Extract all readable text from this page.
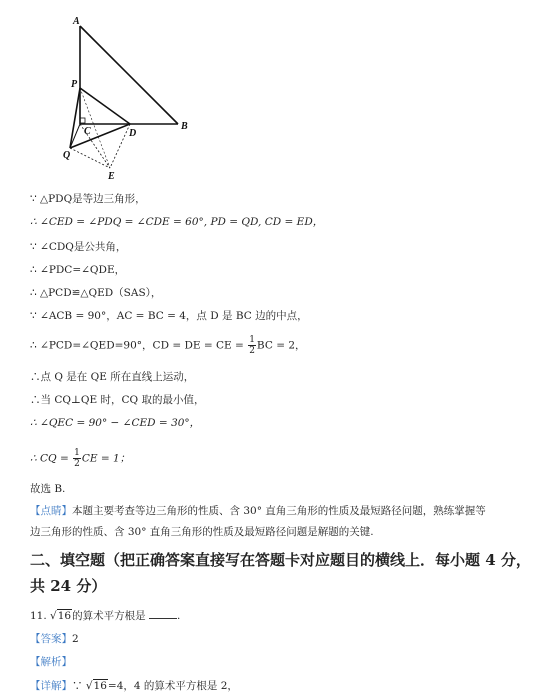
A
P
C	D
B
Q
E
∵ △PDQ是等边三角形，
∴ ∠CED = ∠PDQ = ∠CDE = 60°, PD = QD, CD = ED，
∵ ∠CDQ是公共角，
∴ ∠PDC=∠QDE，
∴ △PCD≌△QED（SAS），
∵ ∠ACB = 90°，AC = BC = 4，点 D 是 BC 边的中点，
∴ ∠PCD=∠QED=90°，CD = DE = CE = $\frac{1}{2}$ BC = 2，
∴点 Q 是在 QE 所在直线上运动，
∴当 CQ⊥QE 时，CQ 取的最小值，
∴ ∠QEC = 90° − ∠CED = 30°，
∴ CQ = $\frac{1}{2}$ CE = 1；
故选 B.
【点睛】本题主要考查等边三角形的性质、含 30° 直角三角形的性质及最短路径问题，熟练掌握等
边三角形的性质、含 30° 直角三角形的性质及最短路径问题是解题的关键.
二、填空题（把正确答案直接写在答题卡对应题目的横线上．每小题 4 分，
共 24 分）
11. √16的算术平方根是	.
【答案】2
【解析】
【详解】∵ √16=4，4 的算术平方根是 2，
